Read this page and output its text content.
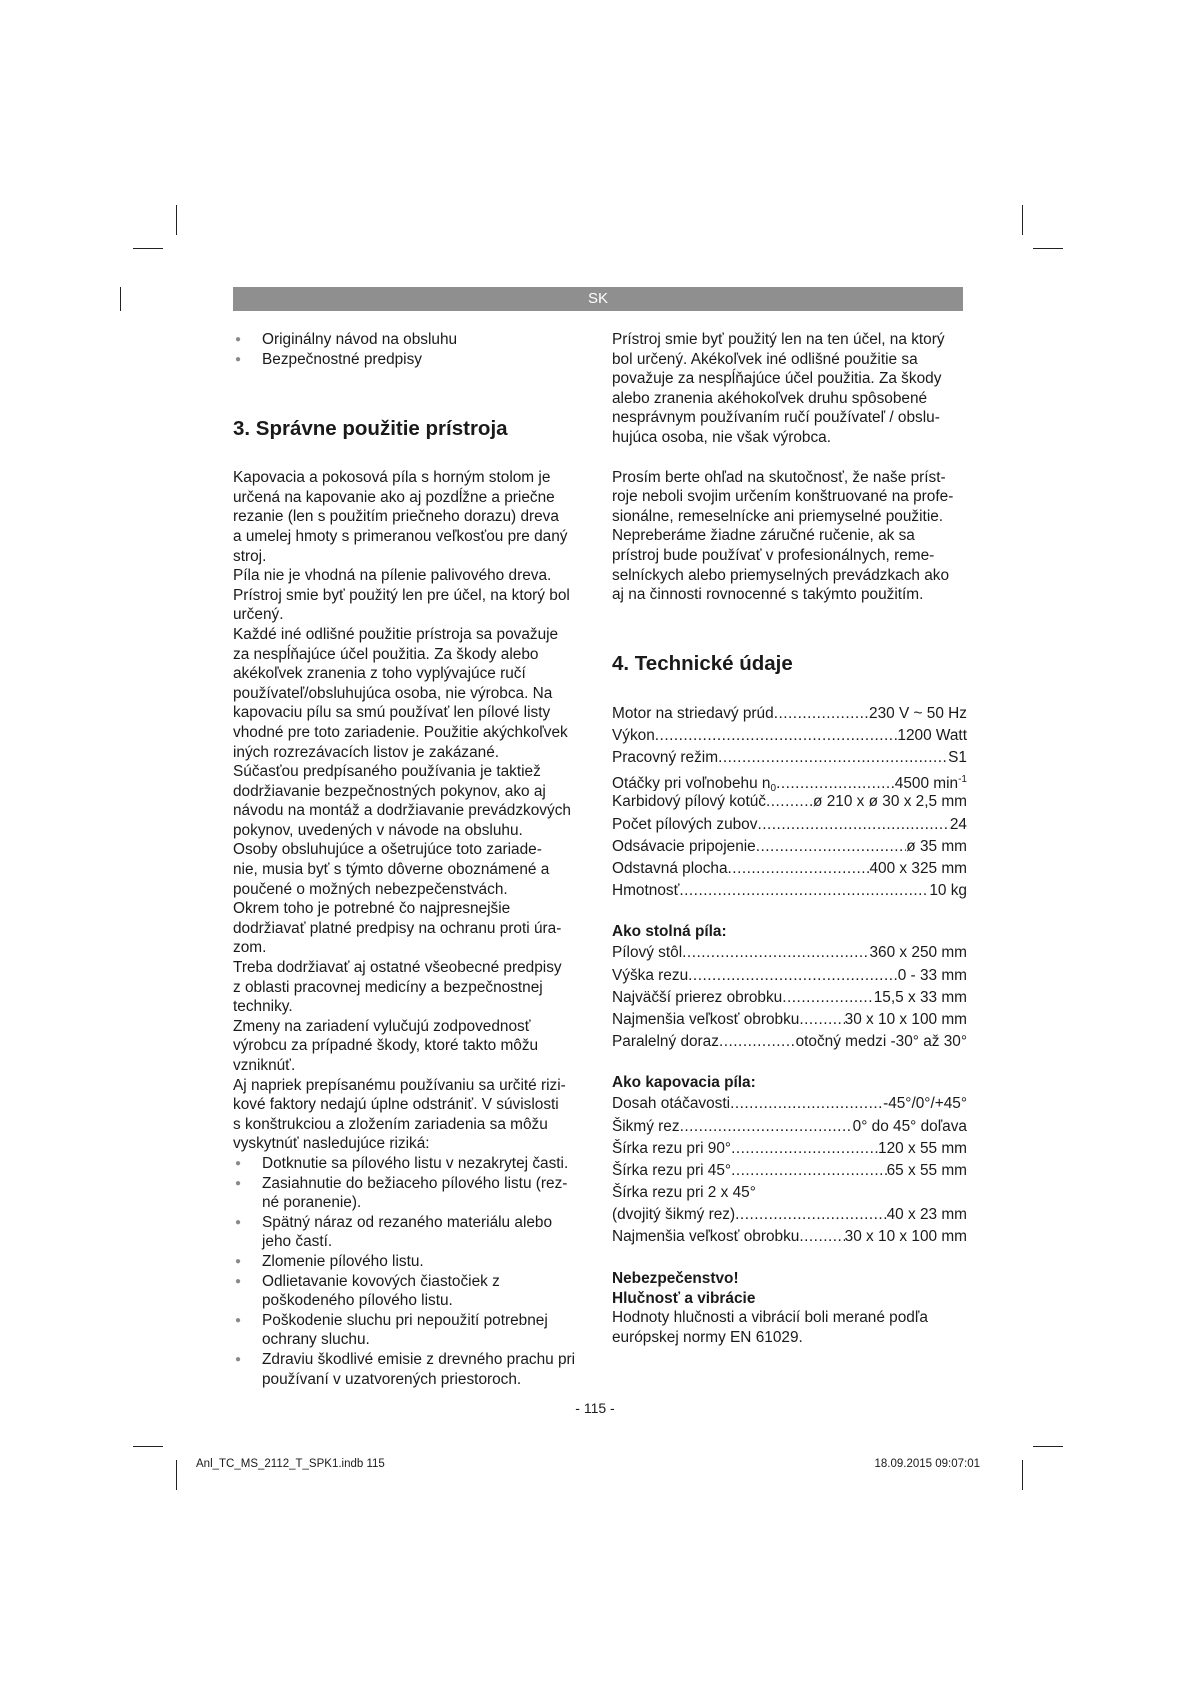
SK
● Originálny návod na obsluhu
● Bezpečnostné predpisy
3. Správne použitie prístroja
Kapovacia a pokosová píla s horným stolom je
určená na kapovanie ako aj pozdĺžne a priečne
rezanie (len s použitím priečneho dorazu) dreva
a umelej hmoty s primeranou veľkosťou pre daný
stroj.
Píla nie je vhodná na pílenie palivového dreva.
Prístroj smie byť použitý len pre účel, na ktorý bol
určený.
Každé iné odlišné použitie prístroja sa považuje
za nespĺňajúce účel použitia. Za škody alebo
akékoľvek zranenia z toho vyplývajúce ručí
používateľ/obsluhujúca osoba, nie výrobca. Na
kapovaciu pílu sa smú používať len pílové listy
vhodné pre toto zariadenie. Použitie akýchkoľvek
iných rozrezávacích listov je zakázané.
Súčasťou predpísaného používania je taktiež
dodržiavanie bezpečnostných pokynov, ako aj
návodu na montáž a dodržiavanie prevádzkových
pokynov, uvedených v návode na obsluhu.
Osoby obsluhujúce a ošetrujúce toto zariade-
nie, musia byť s týmto dôverne oboznámené a
poučené o možných nebezpečenstvách.
Okrem toho je potrebné čo najpresnejšie
dodržiavať platné predpisy na ochranu proti úra-
zom.
Treba dodržiavať aj ostatné všeobecné predpisy
z oblasti pracovnej medicíny a bezpečnostnej
techniky.
Zmeny na zariadení vylučujú zodpovednosť
výrobcu za prípadné škody, ktoré takto môžu
vzniknúť.
Aj napriek prepísanému používaniu sa určité rizi-
kové faktory nedajú úplne odstrániť. V súvislosti
s konštrukciou a zložením zariadenia sa môžu
vyskytnúť nasledujúce riziká:
● Dotknutie sa pílového listu v nezakrytej časti.
● Zasiahnutie do bežiaceho pílového listu (rez-
né poranenie).
● Spätný náraz od rezaného materiálu alebo
jeho častí.
● Zlomenie pílového listu.
● Odlietavanie kovových čiastočiek z
poškodeného pílového listu.
● Poškodenie sluchu pri nepoužití potrebnej
ochrany sluchu.
● Zdraviu škodlivé emisie z drevného prachu pri
používaní v uzatvorených priestoroch.
Prístroj smie byť použitý len na ten účel, na ktorý
bol určený. Akékoľvek iné odlišné použitie sa
považuje za nespĺňajúce účel použitia. Za škody
alebo zranenia akéhokoľvek druhu spôsobené
nesprávnym používaním ručí používateľ / obslu-
hujúca osoba, nie však výrobca.
Prosím berte ohľad na skutočnosť, že naše príst-
roje neboli svojim určením konštruované na profe-
sionálne, remeselnícke ani priemyselné použitie.
Nepreberáme žiadne záručné ručenie, ak sa
prístroj bude používať v profesionálnych, reme-
selníckych alebo priemyselných prevádzkach ako
aj na činnosti rovnocenné s takýmto použitím.
4. Technické údaje
Motor na striedavý prúd .....	230 V ~ 50 Hz
Výkon .....	1200 Watt
Pracovný režim .....	S1
Otáčky pri voľnobehu n0 .....	4500 $\min^{-1}$
Karbidový pílový kotúč .....	ø 210 x ø 30 x 2,5 mm
Počet pílových zubov .....	24
Odsávacie pripojenie .....	ø 35 mm
Odstavná plocha .....	400 x 325 mm
Hmotnosť .....	10 kg
Ako stolná píla:
Pílový stôl .....	360 x 250 mm
Výška rezu .....	0 - 33 mm
Najväčší prierez obrobku .....	15,5 x 33 mm
Najmenšia veľkosť obrobku .....	30 x 10 x 100 mm
Paralelný doraz .....	otočný medzi -30° až 30°
Ako kapovacia píla:
Dosah otáčavosti .....	-45°/0°/+45°
Šikmý rez .....	0° do 45° doľava
Šírka rezu pri 90° .....	120 x 55 mm
Šírka rezu pri 45° .....	65 x 55 mm
Šírka rezu pri 2 x 45°
(dvojitý šikmý rez) .....	40 x 23 mm
Najmenšia veľkosť obrobku .....	30 x 10 x 100 mm
Nebezpečenstvo!
Hlučnosť a vibrácie
Hodnoty hlučnosti a vibrácií boli merané podľa
európskej normy EN 61029.
- 115 -
Anl_TC_MS_2112_T_SPK1.indb 115	18.09.2015 09:07:01
